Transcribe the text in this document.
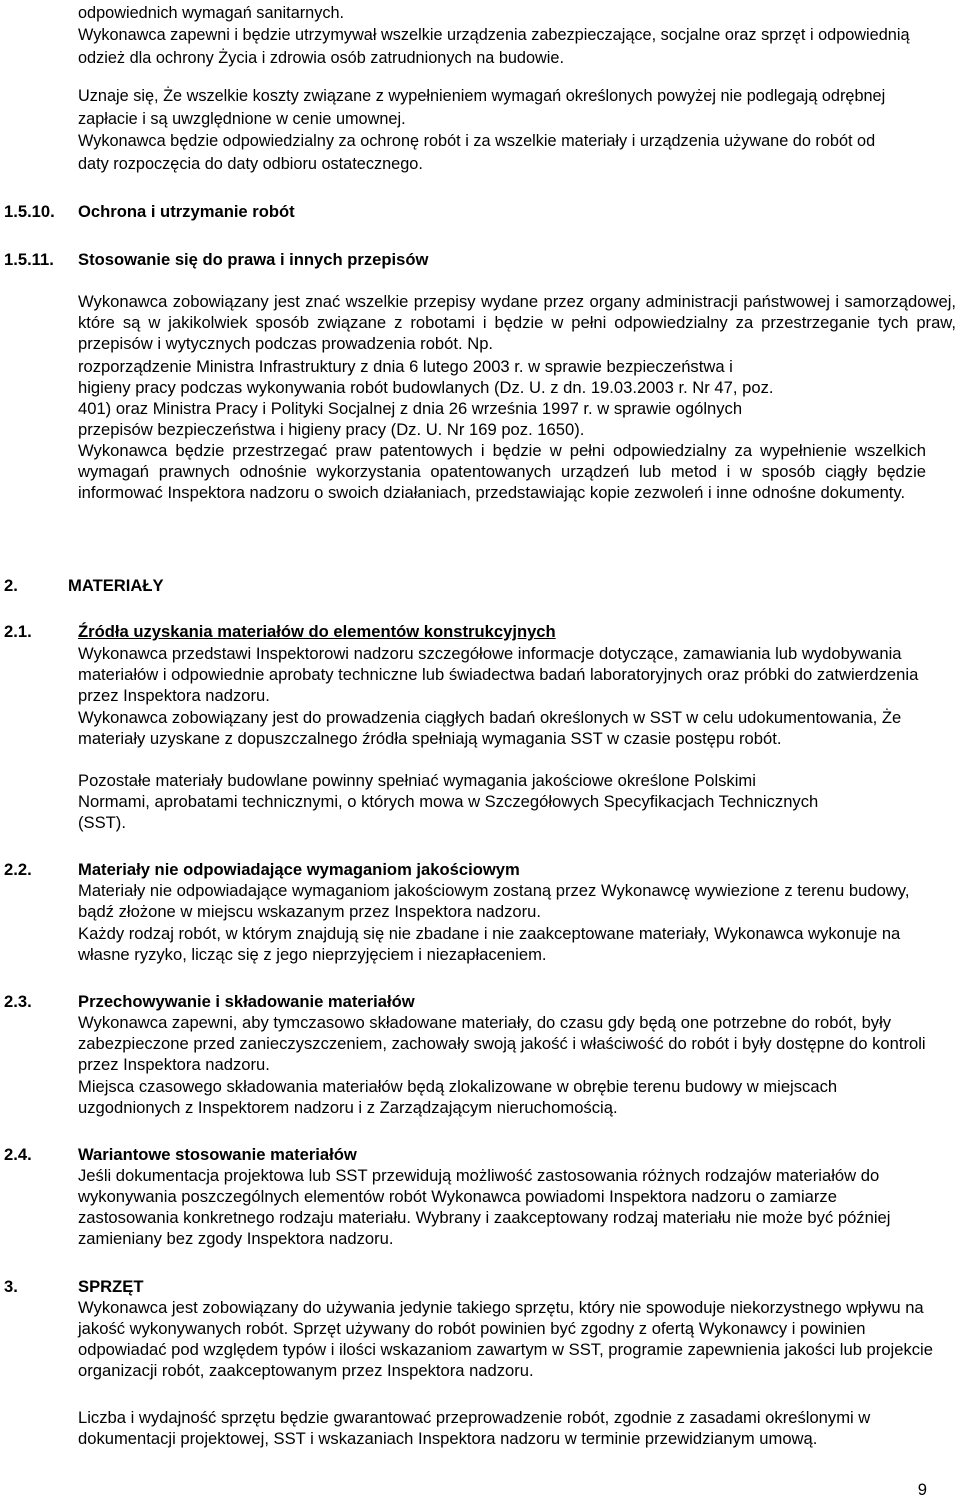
odpowiednich wymagań sanitarnych.

Wykonawca zapewni i będzie utrzymywał wszelkie urządzenia zabezpieczające, socjalne oraz sprzęt i odpowiednią odzież dla ochrony Życia i zdrowia osób zatrudnionych na budowie.

Uznaje się, Że wszelkie koszty związane z wypełnieniem wymagań określonych powyżej nie podlegają odrębnej zapłacie i są uwzględnione w cenie umownej.

Wykonawca będzie odpowiedzialny za ochronę robót i za wszelkie materiały i urządzenia używane do robót od daty rozpoczęcia do daty odbioru ostatecznego.

1.5.10. Ochrona i utrzymanie robót
1.5.11. Stosowanie się do prawa i innych przepisów

Wykonawca zobowiązany jest znać wszelkie przepisy wydane przez organy administracji państwowej i samorządowej, które są w jakikolwiek sposób związane z robotami i będzie w pełni odpowiedzialny za przestrzeganie tych praw, przepisów i wytycznych podczas prowadzenia robót. Np.

rozporządzenie Ministra Infrastruktury z dnia 6 lutego 2003 r. w sprawie bezpieczeństwa i

higieny pracy podczas wykonywania robót budowlanych (Dz. U. z dn. 19.03.2003 r. Nr 47, poz.

401) oraz Ministra Pracy i Polityki Socjalnej z dnia 26 września 1997 r. w sprawie ogólnych

przepisów bezpieczeństwa i higieny pracy (Dz. U. Nr 169 poz. 1650).

Wykonawca będzie przestrzegać praw patentowych i będzie w pełni odpowiedzialny za wypełnienie wszelkich wymagań prawnych odnośnie wykorzystania opatentowanych urządzeń lub metod i w sposób ciągły będzie informować Inspektora nadzoru o swoich działaniach, przedstawiając kopie zezwoleń i inne odnośne dokumenty.

2.	MATERIAŁY
2.1.	Źródła uzyskania materiałów do elementów konstrukcyjnych

Wykonawca przedstawi Inspektorowi nadzoru szczegółowe informacje dotyczące, zamawiania lub wydobywania materiałów i odpowiednie aprobaty techniczne lub świadectwa badań laboratoryjnych oraz próbki do zatwierdzenia przez Inspektora nadzoru.

Wykonawca zobowiązany jest do prowadzenia ciągłych badań określonych w SST w celu udokumentowania, Że materiały uzyskane z dopuszczalnego źródła spełniają wymagania SST w czasie postępu robót.

Pozostałe materiały budowlane powinny spełniać wymagania jakościowe określone Polskimi Normami, aprobatami technicznymi, o których mowa w Szczegółowych Specyfikacjach Technicznych (SST).

2.2.	Materiały nie odpowiadające wymaganiom jakościowym

Materiały nie odpowiadające wymaganiom jakościowym zostaną przez Wykonawcę wywiezione z terenu budowy, bądź złożone w miejscu wskazanym przez Inspektora nadzoru.

Każdy rodzaj robót, w którym znajdują się nie zbadane i nie zaakceptowane materiały, Wykonawca wykonuje na własne ryzyko, licząc się z jego nieprzyjęciem i niezapłaceniem.

2.3.	Przechowywanie i składowanie materiałów

Wykonawca zapewni, aby tymczasowo składowane materiały, do czasu gdy będą one potrzebne do robót, były zabezpieczone przed zanieczyszczeniem, zachowały swoją jakość i właściwość do robót i były dostępne do kontroli przez Inspektora nadzoru.

Miejsca czasowego składowania materiałów będą zlokalizowane w obrębie terenu budowy w miejscach uzgodnionych z Inspektorem nadzoru i z Zarządzającym nieruchomością.

2.4.	Wariantowe stosowanie materiałów

Jeśli dokumentacja projektowa lub SST przewidują możliwość zastosowania różnych rodzajów materiałów do wykonywania poszczególnych elementów robót Wykonawca powiadomi Inspektora nadzoru o zamiarze zastosowania konkretnego rodzaju materiału. Wybrany i zaakceptowany rodzaj materiału nie może być później zamieniany bez zgody Inspektora nadzoru.

3.	SPRZĘT

Wykonawca jest zobowiązany do używania jedynie takiego sprzętu, który nie spowoduje niekorzystnego wpływu na jakość wykonywanych robót. Sprzęt używany do robót powinien być zgodny z ofertą Wykonawcy i powinien odpowiadać pod względem typów i ilości wskazaniom zawartym w SST, programie zapewnienia jakości lub projekcie organizacji robót, zaakceptowanym przez Inspektora nadzoru.

Liczba i wydajność sprzętu będzie gwarantować przeprowadzenie robót, zgodnie z zasadami określonymi w dokumentacji projektowej, SST i wskazaniach Inspektora nadzoru w terminie przewidzianym umową.

9
